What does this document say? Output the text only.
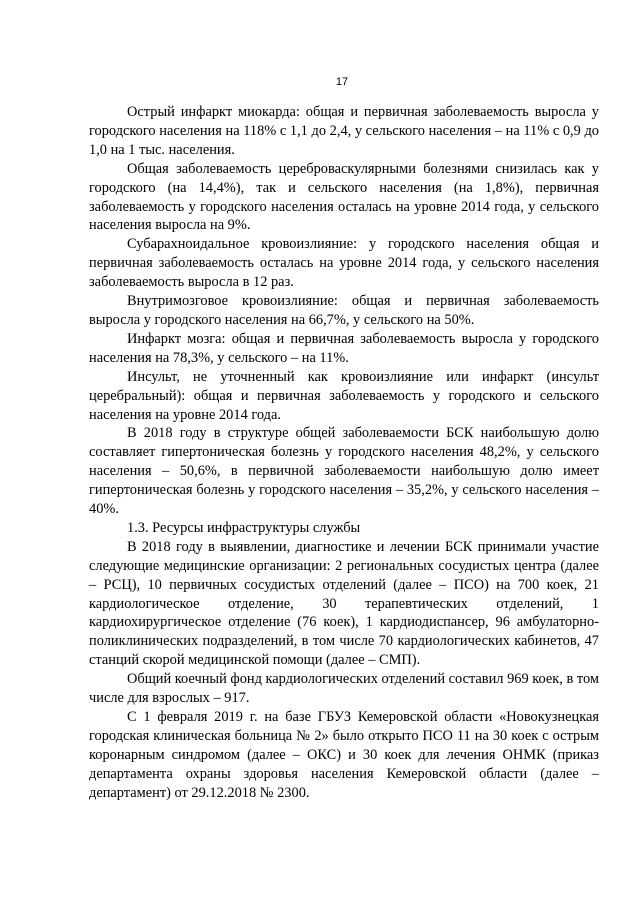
17

Острый инфаркт миокарда: общая и первичная заболеваемость выросла у городского населения на 118% с 1,1 до 2,4, у сельского населения – на 11% с 0,9 до 1,0 на 1 тыс. населения.

Общая заболеваемость цереброваскулярными болезнями снизилась как у городского (на 14,4%), так и сельского населения (на 1,8%), первичная заболеваемость у городского населения осталась на уровне 2014 года, у сельского населения выросла на 9%.

Субарахноидальное кровоизлияние: у городского населения общая и первичная заболеваемость осталась на уровне 2014 года, у сельского населения заболеваемость выросла в 12 раз.

Внутримозговое кровоизлияние: общая и первичная заболеваемость выросла у городского населения на 66,7%, у сельского на 50%.

Инфаркт мозга: общая и первичная заболеваемость выросла у городского населения на 78,3%, у сельского – на 11%.

Инсульт, не уточненный как кровоизлияние или инфаркт (инсульт церебральный): общая и первичная заболеваемость у городского и сельского населения на уровне 2014 года.

В 2018 году в структуре общей заболеваемости БСК наибольшую долю составляет гипертоническая болезнь у городского населения 48,2%, у сельского населения – 50,6%, в первичной заболеваемости наибольшую долю имеет гипертоническая болезнь у городского населения – 35,2%, у сельского населения – 40%.

1.3. Ресурсы инфраструктуры службы

В 2018 году в выявлении, диагностике и лечении БСК принимали участие следующие медицинские организации: 2 региональных сосудистых центра (далее – РСЦ), 10 первичных сосудистых отделений (далее – ПСО) на 700 коек, 21 кардиологическое отделение, 30 терапевтических отделений, 1 кардиохирургическое отделение (76 коек), 1 кардиодиспансер, 96 амбулаторно-поликлинических подразделений, в том числе 70 кардиологических кабинетов, 47 станций скорой медицинской помощи (далее – СМП).

Общий коечный фонд кардиологических отделений составил 969 коек, в том числе для взрослых – 917.

С 1 февраля 2019 г. на базе ГБУЗ Кемеровской области «Новокузнецкая городская клиническая больница № 2» было открыто ПСО 11 на 30 коек с острым коронарным синдромом (далее – ОКС) и 30 коек для лечения ОНМК (приказ департамента охраны здоровья населения Кемеровской области (далее – департамент) от 29.12.2018 № 2300.
